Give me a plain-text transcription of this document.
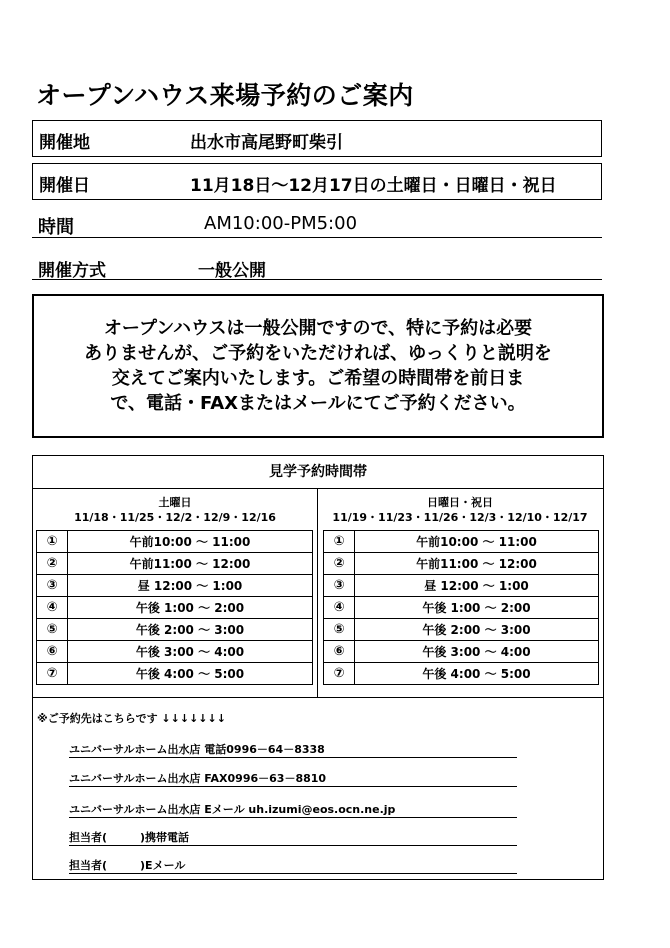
オープンハウス来場予約のご案内
開催地	出水市高尾野町柴引
開催日	11月18日～12月17日の土曜日・日曜日・祝日
時間	AM10:00-PM5:00
開催方式	一般公開
オープンハウスは一般公開ですので、特に予約は必要
ありませんが、ご予約をいただければ、ゆっくりと説明を
交えてご案内いたします。ご希望の時間帯を前日ま
で、電話・FAXまたはメールにてご予約ください。
見学予約時間帯
土曜日
11/18・11/25・12/2・12/9・12/16
日曜日・祝日
11/19・11/23・11/26・12/3・12/10・12/17
①	午前10:00 ～ 11:00
②	午前11:00 ～ 12:00
③	昼 12:00 ～ 1:00
④	午後 1:00 ～ 2:00
⑤	午後 2:00 ～ 3:00
⑥	午後 3:00 ～ 4:00
⑦	午後 4:00 ～ 5:00
①	午前10:00 ～ 11:00
②	午前11:00 ～ 12:00
③	昼 12:00 ～ 1:00
④	午後 1:00 ～ 2:00
⑤	午後 2:00 ～ 3:00
⑥	午後 3:00 ～ 4:00
⑦	午後 4:00 ～ 5:00
※ご予約先はこちらです ↓↓↓↓↓↓↓
ユニバーサルホーム出水店 電話0996－64－8338
ユニバーサルホーム出水店 FAX0996－63－8810
ユニバーサルホーム出水店 Eメール uh.izumi@eos.ocn.ne.jp
担当者(　　　)携帯電話
担当者(　　　)Eメール
